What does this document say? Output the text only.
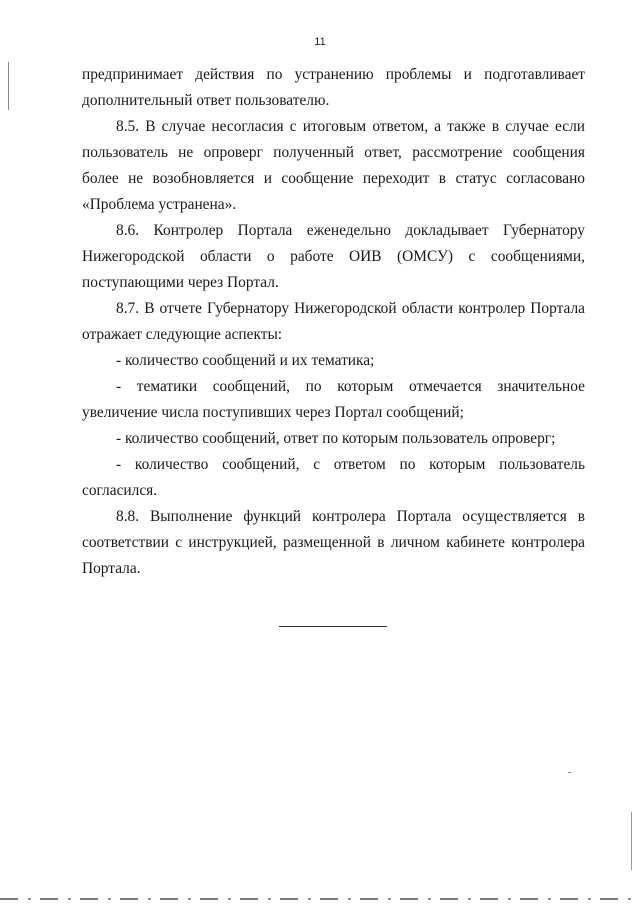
11

предпринимает действия по устранению проблемы и подготавливает дополнительный ответ пользователю.

8.5. В случае несогласия с итоговым ответом, а также в случае если пользователь не опроверг полученный ответ, рассмотрение сообщения более не возобновляется и сообщение переходит в статус согласовано «Проблема устранена».

8.6. Контролер Портала еженедельно докладывает Губернатору Нижегородской области о работе ОИВ (ОМСУ) с сообщениями, поступающими через Портал.

8.7. В отчете Губернатору Нижегородской области контролер Портала отражает следующие аспекты:

- количество сообщений и их тематика;

- тематики сообщений, по которым отмечается значительное увеличение числа поступивших через Портал сообщений;

- количество сообщений, ответ по которым пользователь опроверг;

- количество сообщений, с ответом по которым пользователь согласился.

8.8. Выполнение функций контролера Портала осуществляется в соответствии с инструкцией, размещенной в личном кабинете контролера Портала.
